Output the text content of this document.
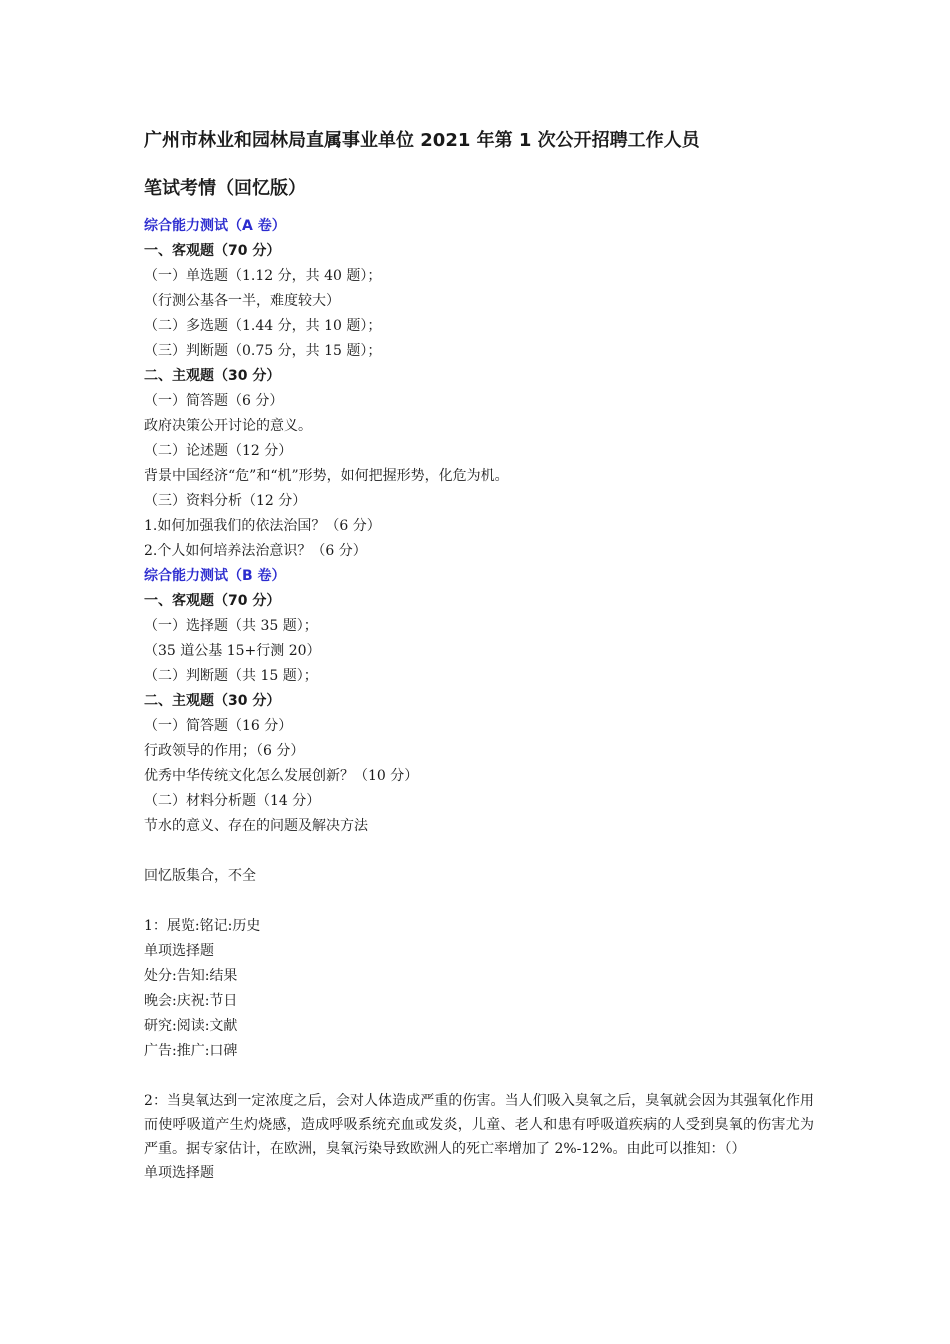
广州市林业和园林局直属事业单位 2021 年第 1 次公开招聘工作人员

笔试考情（回忆版）

综合能力测试（A 卷）

一、客观题（70 分）

（一）单选题（1.12 分，共 40 题）；

（行测公基各一半，难度较大）

（二）多选题（1.44 分，共 10 题）；

（三）判断题（0.75 分，共 15 题）；

二、主观题（30 分）

（一）简答题（6 分）

政府决策公开讨论的意义。

（二）论述题（12 分）

背景中国经济“危”和“机”形势，如何把握形势，化危为机。

（三）资料分析（12 分）

1.如何加强我们的依法治国？（6 分）

2.个人如何培养法治意识？（6 分）

综合能力测试（B 卷）

一、客观题（70 分）

（一）选择题（共 35 题）；

（35 道公基 15+行测 20）

（二）判断题（共 15 题）；

二、主观题（30 分）

（一）简答题（16 分）

行政领导的作用；（6 分）

优秀中华传统文化怎么发展创新？（10 分）

（二）材料分析题（14 分）

节水的意义、存在的问题及解决方法

回忆版集合，不全

1：展览:铭记:历史

单项选择题

处分:告知:结果

晚会:庆祝:节日

研究:阅读:文献

广告:推广:口碑

2：当臭氧达到一定浓度之后，会对人体造成严重的伤害。当人们吸入臭氧之后，臭氧就会因为其强氧化作用而使呼吸道产生灼烧感，造成呼吸系统充血或发炎，儿童、老人和患有呼吸道疾病的人受到臭氧的伤害尤为严重。据专家估计，在欧洲，臭氧污染导致欧洲人的死亡率增加了 2%-12%。由此可以推知：（）

单项选择题
